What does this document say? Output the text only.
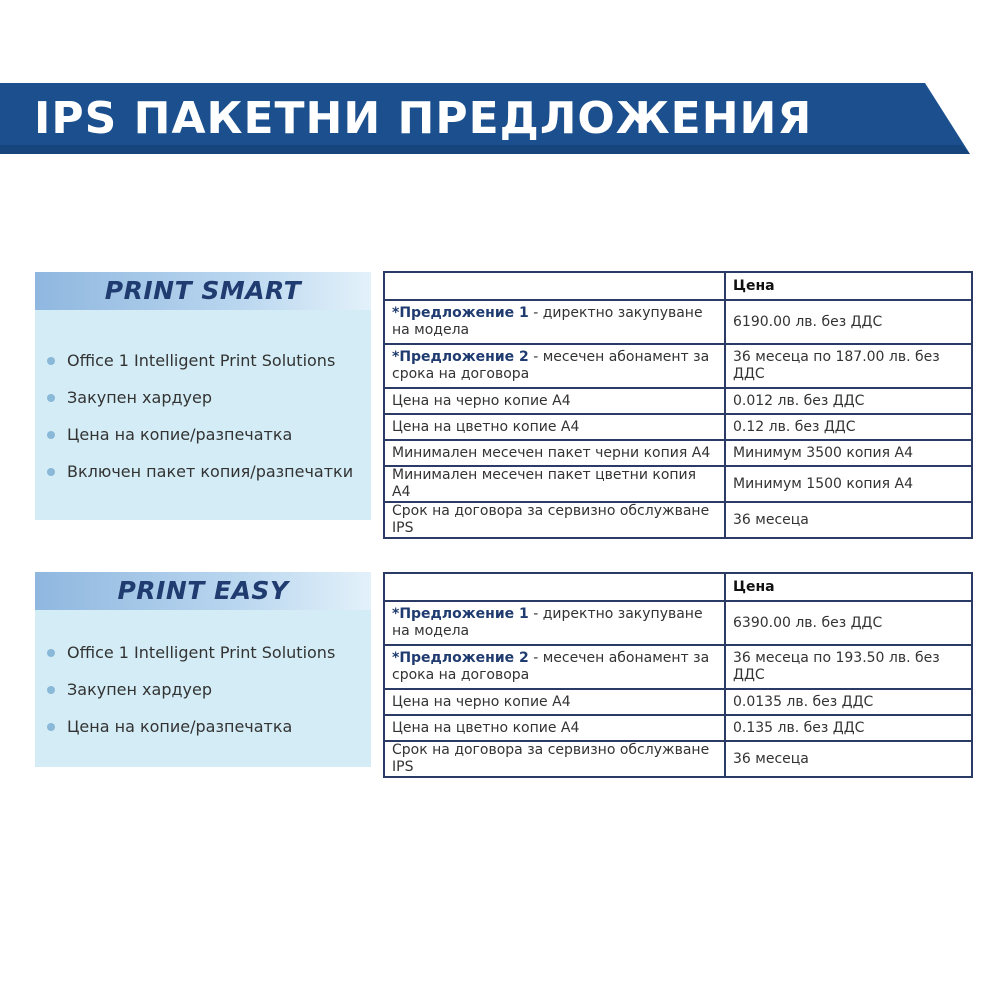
IPS ПАКЕТНИ ПРЕДЛОЖЕНИЯ
PRINT SMART
Office 1 Intelligent Print Solutions
Закупен хардуер
Цена на копие/разпечатка
Включен пакет копия/разпечатки
	Цена
*Предложение 1 - директно закупуване на модела	6190.00 лв. без ДДС
*Предложение 2 - месечен абонамент за срока на договора	36 месеца по 187.00 лв. без ДДС
Цена на черно копие А4	0.012 лв. без ДДС
Цена на цветно копие А4	0.12 лв. без ДДС
Минимален месечен пакет черни копия А4	Минимум 3500 копия А4
Минимален месечен пакет цветни копия А4	Минимум 1500 копия А4
Срок на договора за сервизно обслужване IPS	36 месеца
PRINT EASY
Office 1 Intelligent Print Solutions
Закупен хардуер
Цена на копие/разпечатка
	Цена
*Предложение 1 - директно закупуване на модела	6390.00 лв. без ДДС
*Предложение 2 - месечен абонамент за срока на договора	36 месеца по 193.50 лв. без ДДС
Цена на черно копие А4	0.0135 лв. без ДДС
Цена на цветно копие А4	0.135 лв. без ДДС
Срок на договора за сервизно обслужване IPS	36 месеца
